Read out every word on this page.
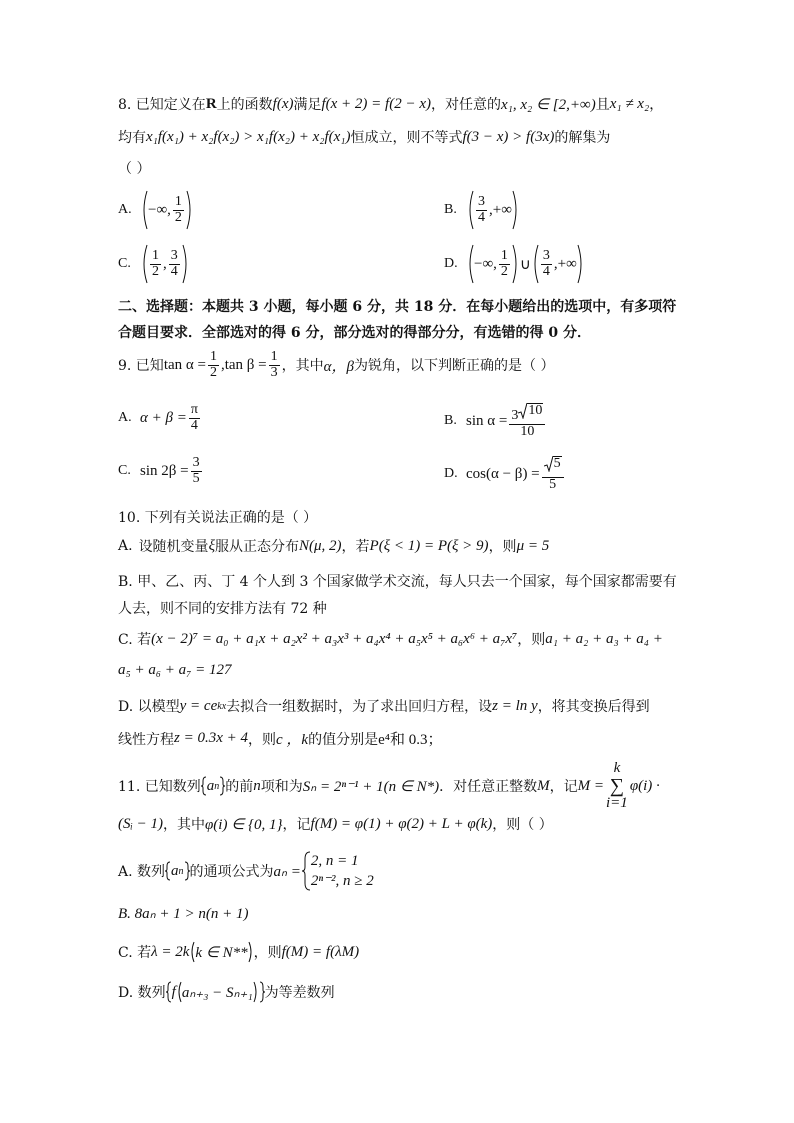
8. 已知定义在 R 上的函数 f(x) 满足 f(x + 2) = f(2 − x) ，对任意的 x₁, x₂ ∈ [2,+∞) 且 x₁ ≠ x₂ ，
均有 x₁f(x₁) + x₂f(x₂) > x₁f(x₂) + x₂f(x₁) 恒成立，则不等式 f(3 − x) > f(3x) 的解集为
（ ）
A.	−∞, $\frac{1}{2}$	B.	$\frac{3}{4}$ ,+∞
C.	$\frac{1}{2}$ , $\frac{3}{4}$	D.	−∞, $\frac{1}{2}$ ∪ $\frac{3}{4}$ ,+∞
二、选择题：本题共 3 小题，每小题 6 分，共 18 分．在每小题给出的选项中，有多项符
合题目要求．全部选对的得 6 分，部分选对的得部分分，有选错的得 0 分．
9. 已知 $\tan \alpha = \frac{1}{2} ,\tan$ $\beta = \frac{1}{3}$ ，其中 α，β 为锐角，以下判断正确的是（ ）
A. $\alpha + \beta = \frac{\pi}{4}$	B. $\sin \alpha = \frac{3 10}{10}$
C. $\sin 2\beta = \frac{3}{5}$	D. $\cos(\alpha - \beta) = \frac{5}{5}$
10. 下列有关说法正确的是（ ）
A. 设随机变量 ξ 服从正态分布 N(μ, 2) ，若 P(ξ < 1) = P(ξ > 9) ，则 μ = 5
B. 甲、乙、丙、丁 4 个人到 3 个国家做学术交流，每人只去一个国家，每个国家都需要有
人去，则不同的安排方法有 72 种
C. 若 (x − 2)⁷ = a₀ + a₁x + a₂x² + a₃x³ + a₄x⁴ + a₅x⁵ + a₆x⁶ + a₇x⁷ ，则 a₁ + a₂ + a₃ + a₄ +
a₅ + a₆ + a₇ = 127
D. 以模型 y = ce kx 去拟合一组数据时，为了求出回归方程，设 z = ln y ，将其变换后得到
线性方程 z = 0.3x + 4 ，则 c ，k 的值分别是 e⁴和 0.3；
11. 已知数列 a n 的前 n 项和为 Sₙ = 2ⁿ⁻¹ + 1(n ∈ N*) ．对任意正整数 M ，记 M =
k
∑
i=1
φ(i) ·
(Sᵢ − 1) ，其中 φ(i) ∈ {0, 1} ，记 f(M) = φ(1) + φ(2) + L + φ(k) ，则（ ）
A. 数列 a n 的通项公式为 aₙ =
2, n = 1
2ⁿ⁻², n ≥ 2
B. 8aₙ + 1 > n(n + 1)
C. 若 λ = 2k k ∈ N** ，则 f(M) = f(λM)
D. 数列 f aₙ₊₃ − Sₙ₊₁ 为等差数列
